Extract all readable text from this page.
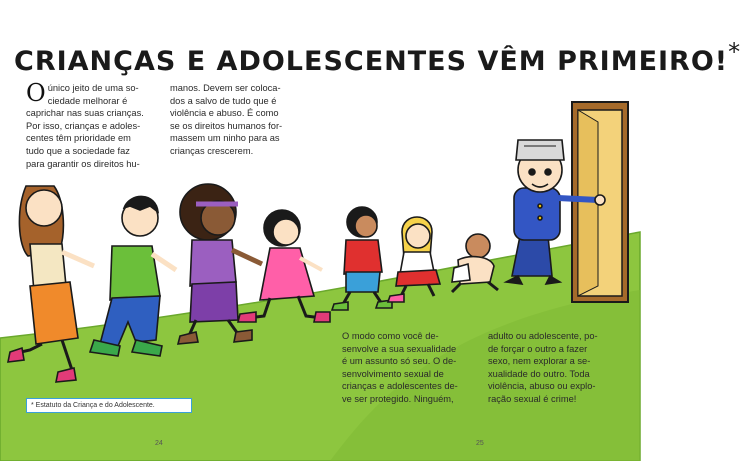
CRIANÇAS E ADOLESCENTES VÊM PRIMEIRO!*
O único jeito de uma so-
ciedade melhorar é
caprichar nas suas crianças.
Por isso, crianças e adoles-
centes têm prioridade em
tudo que a sociedade faz
para garantir os direitos hu-
manos. Devem ser coloca-
dos a salvo de tudo que é
violência e abuso. É como
se os direitos humanos for-
massem um ninho para as
crianças crescerem.
O modo como você de-
senvolve a sua sexualidade
é um assunto só seu. O de-
senvolvimento sexual de
crianças e adolescentes de-
ve ser protegido. Ninguém,
adulto ou adolescente, po-
de forçar o outro a fazer
sexo, nem explorar a se-
xualidade do outro. Toda
violência, abuso ou explo-
ração sexual é crime!
* Estatuto da Criança e do Adolescente.
24	25
